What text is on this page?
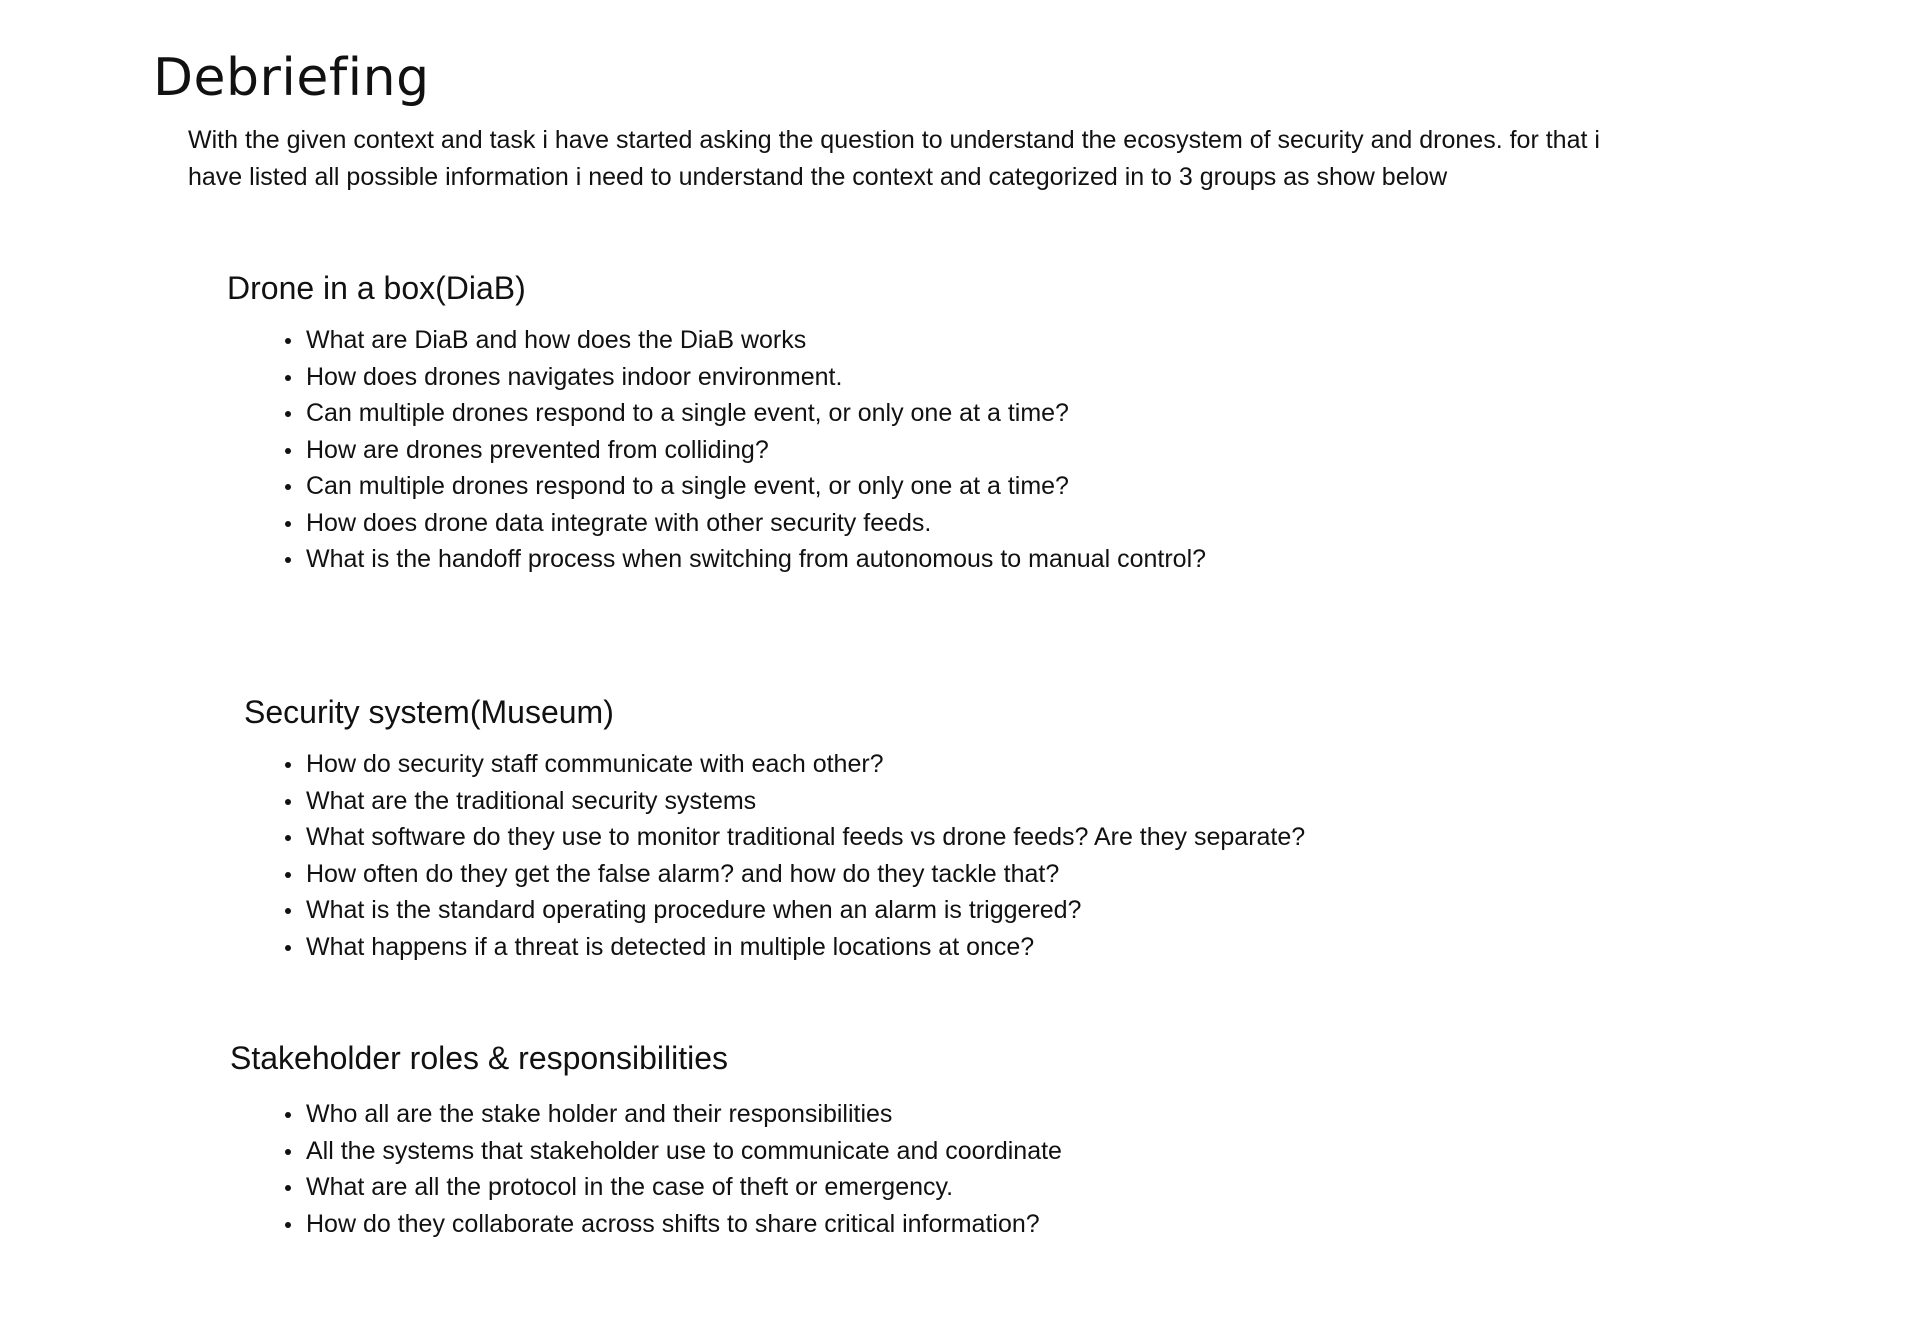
Debriefing

With the given context and task i have started asking the question to understand the ecosystem of security and drones. for that i have listed all possible information i need to understand the context and categorized in to 3 groups as show below

Drone in a box(DiaB)
What are DiaB and how does the DiaB works
How does drones navigates indoor environment.
Can multiple drones respond to a single event, or only one at a time?
How are drones prevented from colliding?
Can multiple drones respond to a single event, or only one at a time?
How does drone data integrate with other security feeds.
What is the handoff process when switching from autonomous to manual control?
Security system(Museum)
How do security staff communicate with each other?
What are the traditional security systems
What software do they use to monitor traditional feeds vs drone feeds? Are they separate?
How often do they get the false alarm? and how do they tackle that?
What is the standard operating procedure when an alarm is triggered?
What happens if a threat is detected in multiple locations at once?
Stakeholder roles & responsibilities
Who all are the stake holder and their responsibilities
All the systems that stakeholder use to communicate and coordinate
What are all the protocol in the case of theft or emergency.
How do they collaborate across shifts to share critical information?
